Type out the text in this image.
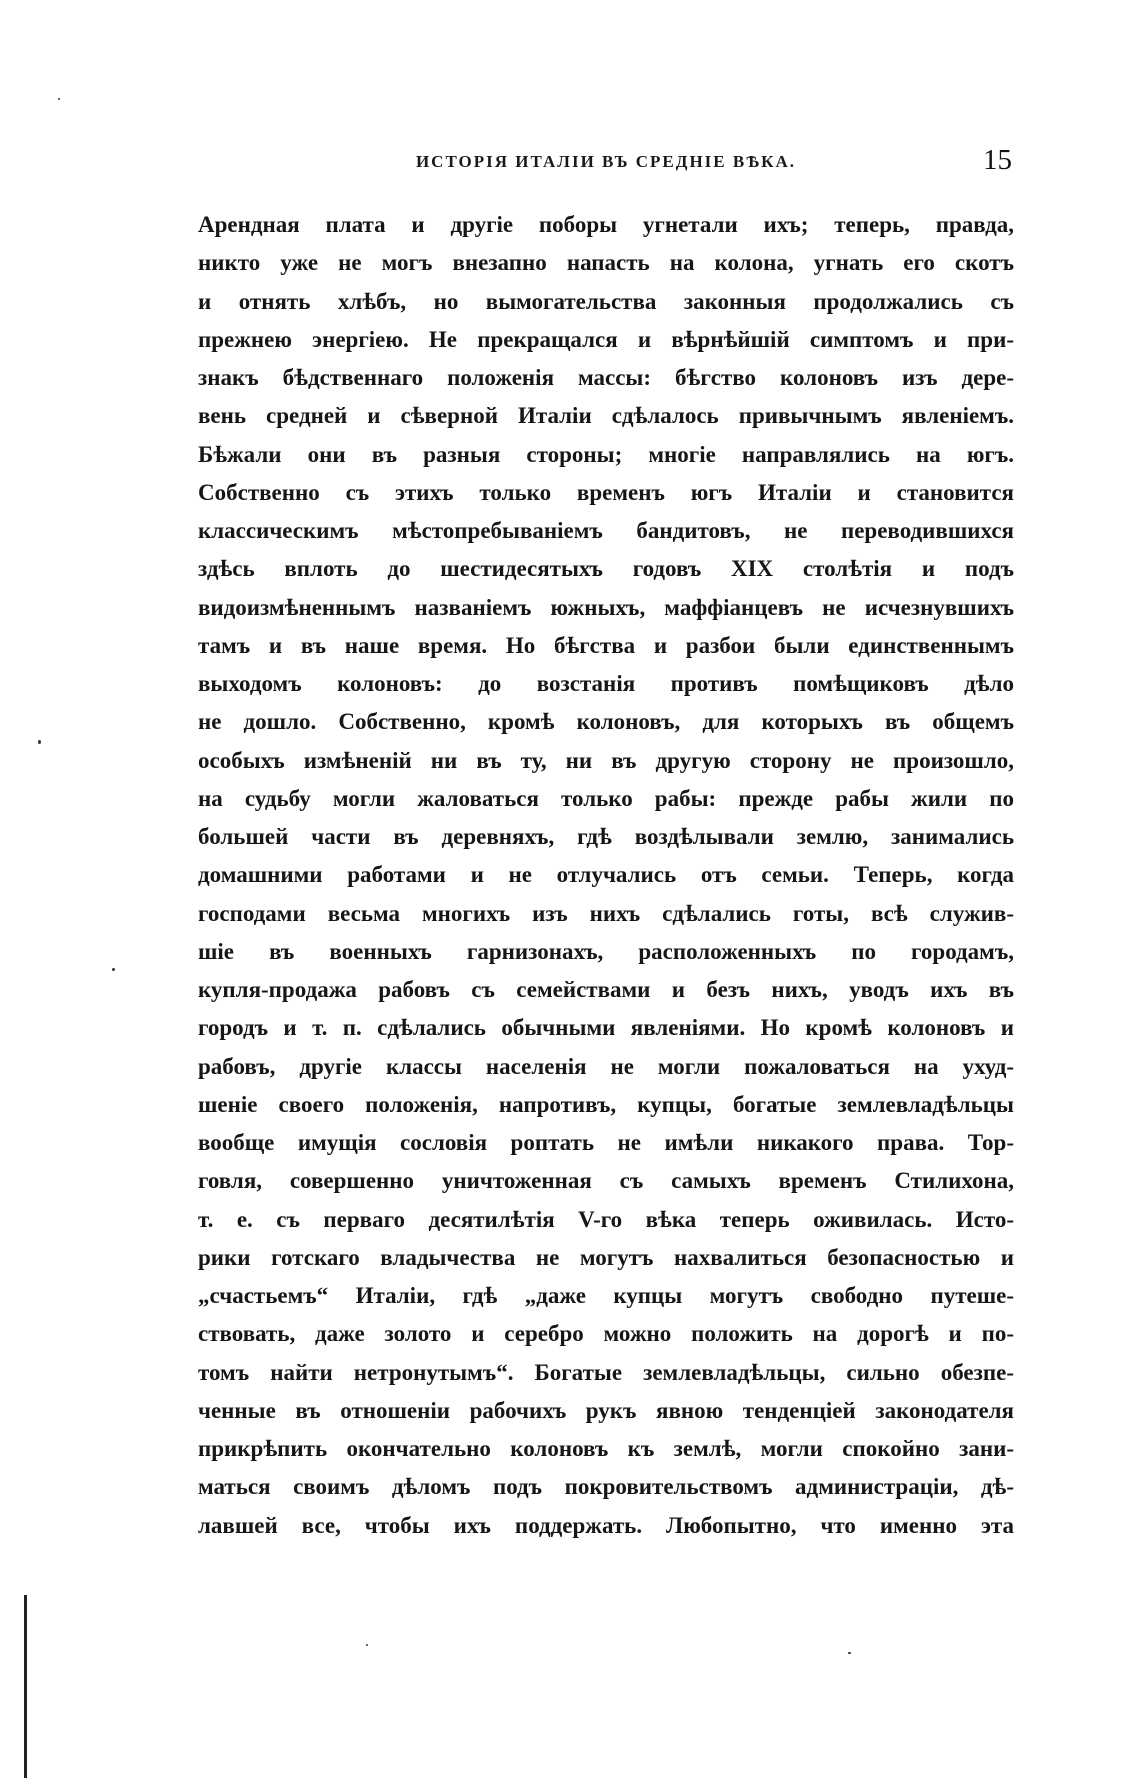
ИСТОРІЯ ИТАЛІИ ВЪ СРЕДНІЕ ВѢКА.	15
Арендная плата и другіе поборы угнетали ихъ; теперь, правда,
никто уже не могъ внезапно напасть на колона, угнать его скотъ
и отнять хлѣбъ, но вымогательства законныя продолжались съ
прежнею энергіею. Не прекращался и вѣрнѣйшій симптомъ и при-
знакъ бѣдственнаго положенія массы: бѣгство колоновъ изъ дере-
вень средней и сѣверной Италіи сдѣлалось привычнымъ явленіемъ.
Бѣжали они въ разныя стороны; многіе направлялись на югъ.
Собственно съ этихъ только временъ югъ Италіи и становится
классическимъ мѣстопребываніемъ бандитовъ, не переводившихся
здѣсь вплоть до шестидесятыхъ годовъ XIX столѣтія и подъ
видоизмѣненнымъ названіемъ южныхъ, маффіанцевъ не исчезнувшихъ
тамъ и въ наше время. Но бѣгства и разбои были единственнымъ
выходомъ колоновъ: до возстанія противъ помѣщиковъ дѣло
не дошло. Собственно, кромѣ колоновъ, для которыхъ въ общемъ
особыхъ измѣненій ни въ ту, ни въ другую сторону не произошло,
на судьбу могли жаловаться только рабы: прежде рабы жили по
большей части въ деревняхъ, гдѣ воздѣлывали землю, занимались
домашними работами и не отлучались отъ семьи. Теперь, когда
господами весьма многихъ изъ нихъ сдѣлались готы, всѣ служив-
шіе въ военныхъ гарнизонахъ, расположенныхъ по городамъ,
купля-продажа рабовъ съ семействами и безъ нихъ, уводъ ихъ въ
городъ и т. п. сдѣлались обычными явленіями. Но кромѣ колоновъ и
рабовъ, другіе классы населенія не могли пожаловаться на ухуд-
шеніе своего положенія, напротивъ, купцы, богатые землевладѣльцы
вообще имущія сословія роптать не имѣли никакого права. Тор-
говля, совершенно уничтоженная съ самыхъ временъ Стилихона,
т. е. съ перваго десятилѣтія V-го вѣка теперь оживилась. Исто-
рики готскаго владычества не могутъ нахвалиться безопасностью и
„счастьемъ“ Италіи, гдѣ „даже купцы могутъ свободно путеше-
ствовать, даже золото и серебро можно положить на дорогѣ и по-
томъ найти нетронутымъ“. Богатые землевладѣльцы, сильно обезпе-
ченные въ отношеніи рабочихъ рукъ явною тенденціей законодателя
прикрѣпить окончательно колоновъ къ землѣ, могли спокойно зани-
маться своимъ дѣломъ подъ покровительствомъ администраціи, дѣ-
лавшей все, чтобы ихъ поддержать. Любопытно, что именно эта
